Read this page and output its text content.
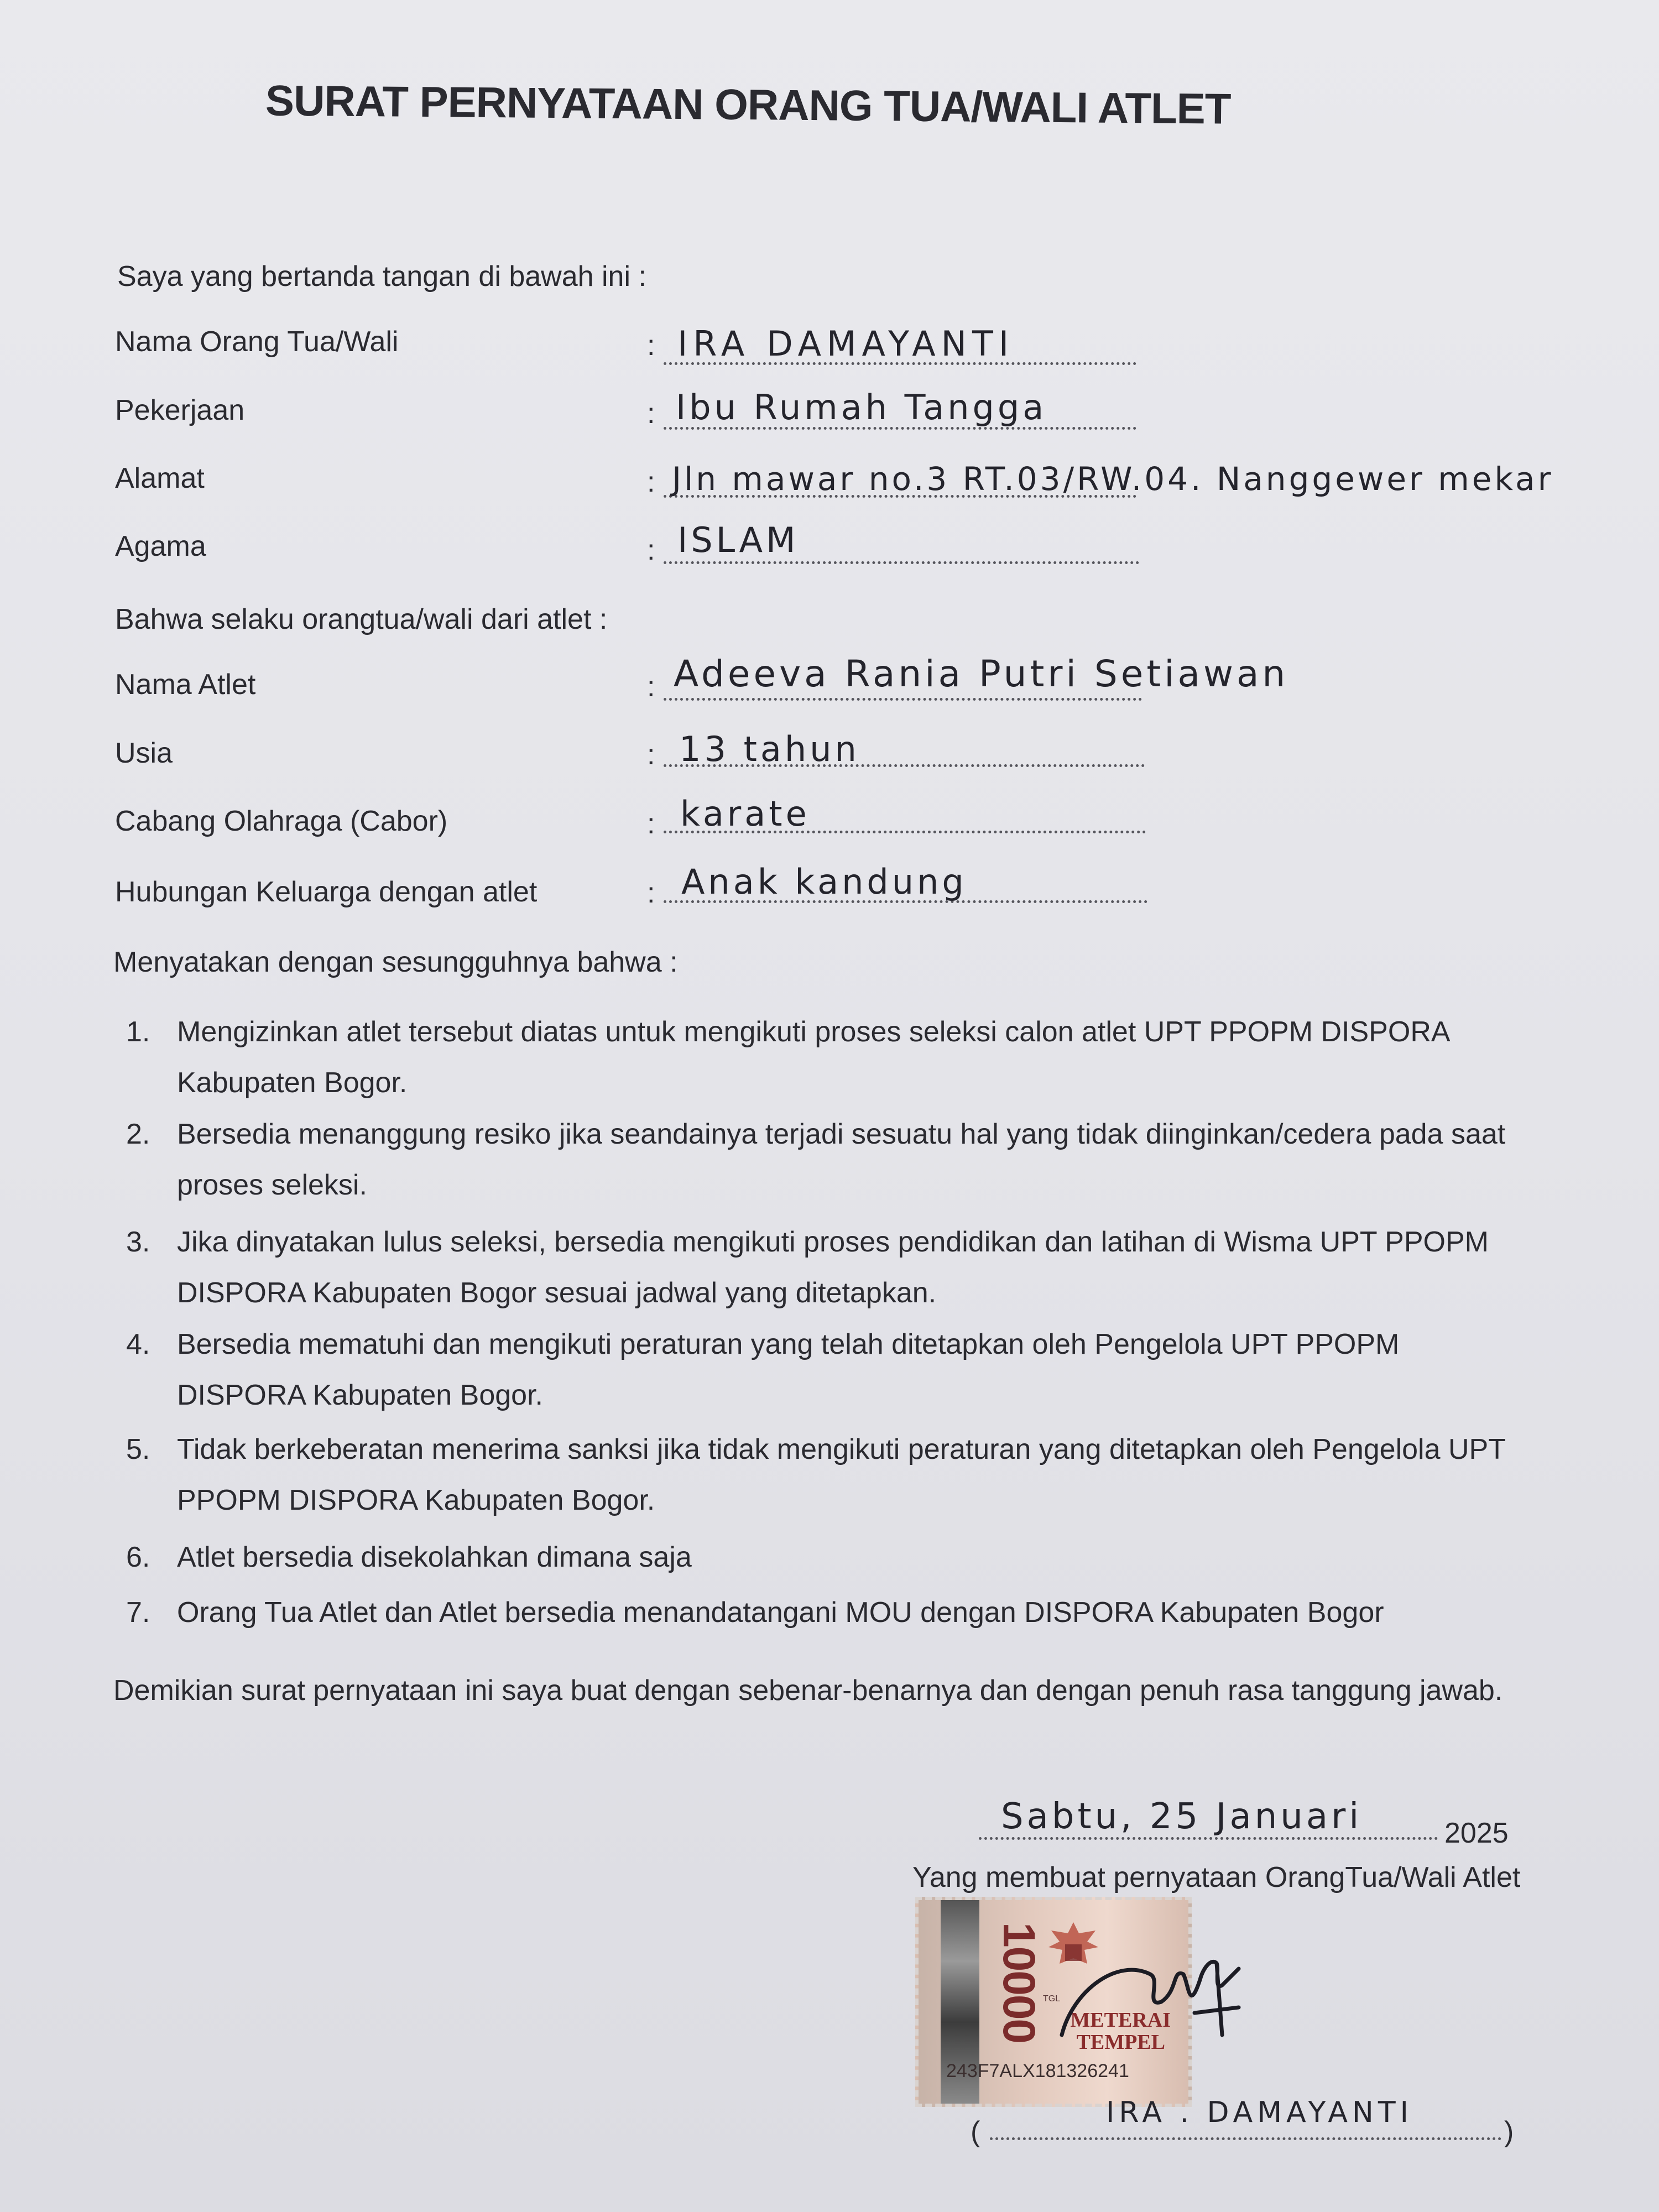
SURAT PERNYATAAN ORANG TUA/WALI ATLET
Saya yang bertanda tangan di bawah ini :
Nama Orang Tua/Wali	: IRA DAMAYANTI
Pekerjaan	: Ibu Rumah Tangga
Alamat	: Jln mawar no.3 RT.03/RW.04. Nanggewer mekar
Agama	: ISLAM
Bahwa selaku orangtua/wali dari atlet :
Nama Atlet	: Adeeva Rania Putri Setiawan
Usia	: 13 tahun
Cabang Olahraga (Cabor)	: karate
Hubungan Keluarga dengan atlet	: Anak kandung
Menyatakan dengan sesungguhnya bahwa :
1. Mengizinkan atlet tersebut diatas untuk mengikuti proses seleksi calon atlet UPT PPOPM DISPORA Kabupaten Bogor.
2. Bersedia menanggung resiko jika seandainya terjadi sesuatu hal yang tidak diinginkan/cedera pada saat proses seleksi.
3. Jika dinyatakan lulus seleksi, bersedia mengikuti proses pendidikan dan latihan di Wisma UPT PPOPM DISPORA Kabupaten Bogor sesuai jadwal yang ditetapkan.
4. Bersedia mematuhi dan mengikuti peraturan yang telah ditetapkan oleh Pengelola UPT PPOPM DISPORA Kabupaten Bogor.
5. Tidak berkeberatan menerima sanksi jika tidak mengikuti peraturan yang ditetapkan oleh Pengelola UPT PPOPM DISPORA Kabupaten Bogor.
6. Atlet bersedia disekolahkan dimana saja
7. Orang Tua Atlet dan Atlet bersedia menandatangani MOU dengan DISPORA Kabupaten Bogor
Demikian surat pernyataan ini saya buat dengan sebenar-benarnya dan dengan penuh rasa tanggung jawab.
Sabtu, 25 Januari	2025
Yang membuat pernyataan OrangTua/Wali Atlet
10000
TGL
METERAI
TEMPEL
243F7ALX181326241
(
IRA . DAMAYANTI
)
